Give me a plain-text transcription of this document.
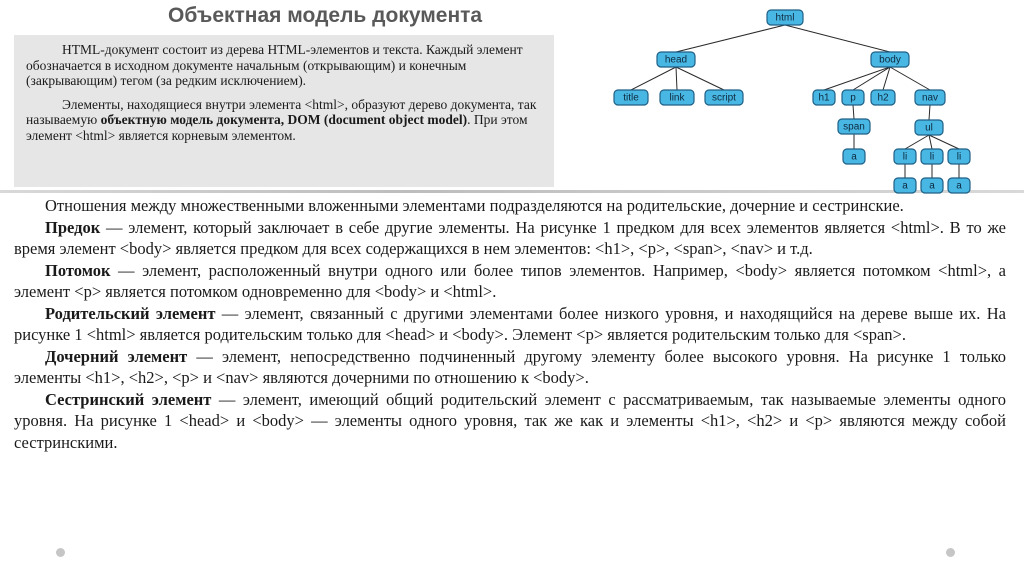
Объектная модель документа

HTML-документ состоит из дерева HTML-элементов и текста. Каждый элемент обозначается в исходном документе начальным (открывающим) и конечным (закрывающим) тегом (за редким исключением).

Элементы, находящиеся внутри элемента <html>, образуют дерево документа, так называемую объектную модель документа, DOM (document object model). При этом элемент <html> является корневым элементом.

html
head	body
title	link	script	h1 p h2	nav
span
a
ul
li li li
a a a

Отношения между множественными вложенными элементами подразделяются на родительские, дочерние и сестринские.

Предок — элемент, который заключает в себе другие элементы. На рисунке 1 предком для всех элементов является <html>. В то же время элемент <body> является предком для всех содержащихся в нем элементов: <h1>, <p>, <span>, <nav> и т.д.

Потомок — элемент, расположенный внутри одного или более типов элементов. Например, <body> является потомком <html>, а элемент <p> является потомком одновременно для <body> и <html>.

Родительский элемент — элемент, связанный с другими элементами более низкого уровня, и находящийся на дереве выше их. На рисунке 1 <html> является родительским только для <head> и <body>. Элемент <p> является родительским только для <span>.

Дочерний элемент — элемент, непосредственно подчиненный другому элементу более высокого уровня. На рисунке 1 только элементы <h1>, <h2>, <p> и <nav> являются дочерними по отношению к <body>.

Сестринский элемент — элемент, имеющий общий родительский элемент с рассматриваемым, так называемые элементы одного уровня. На рисунке 1 <head> и <body> — элементы одного уровня, так же как и элементы <h1>, <h2> и <p> являются между собой сестринскими.
